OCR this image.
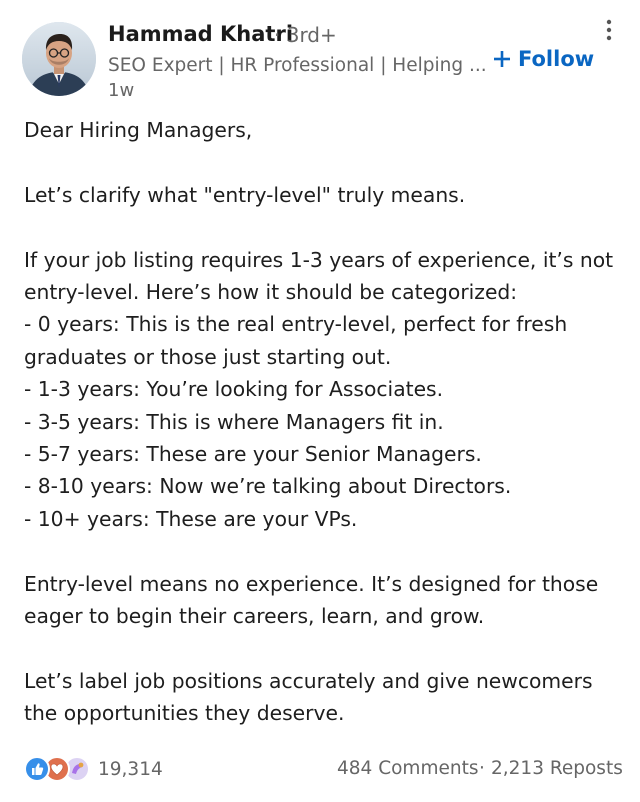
Hammad Khatri
· 3rd+
SEO Expert | HR Professional | Helping ...
1w
Follow

Dear Hiring Managers,

Let’s clarify what "entry-level" truly means.

If your job listing requires 1-3 years of experience, it’s not

entry-level. Here’s how it should be categorized:

- 0 years: This is the real entry-level, perfect for fresh

graduates or those just starting out.

- 1-3 years: You’re looking for Associates.

- 3-5 years: This is where Managers fit in.

- 5-7 years: These are your Senior Managers.

- 8-10 years: Now we’re talking about Directors.

- 10+ years: These are your VPs.

Entry-level means no experience. It’s designed for those

eager to begin their careers, learn, and grow.

Let’s label job positions accurately and give newcomers

the opportunities they deserve.

19,314	484 Comments · 2,213 Reposts
